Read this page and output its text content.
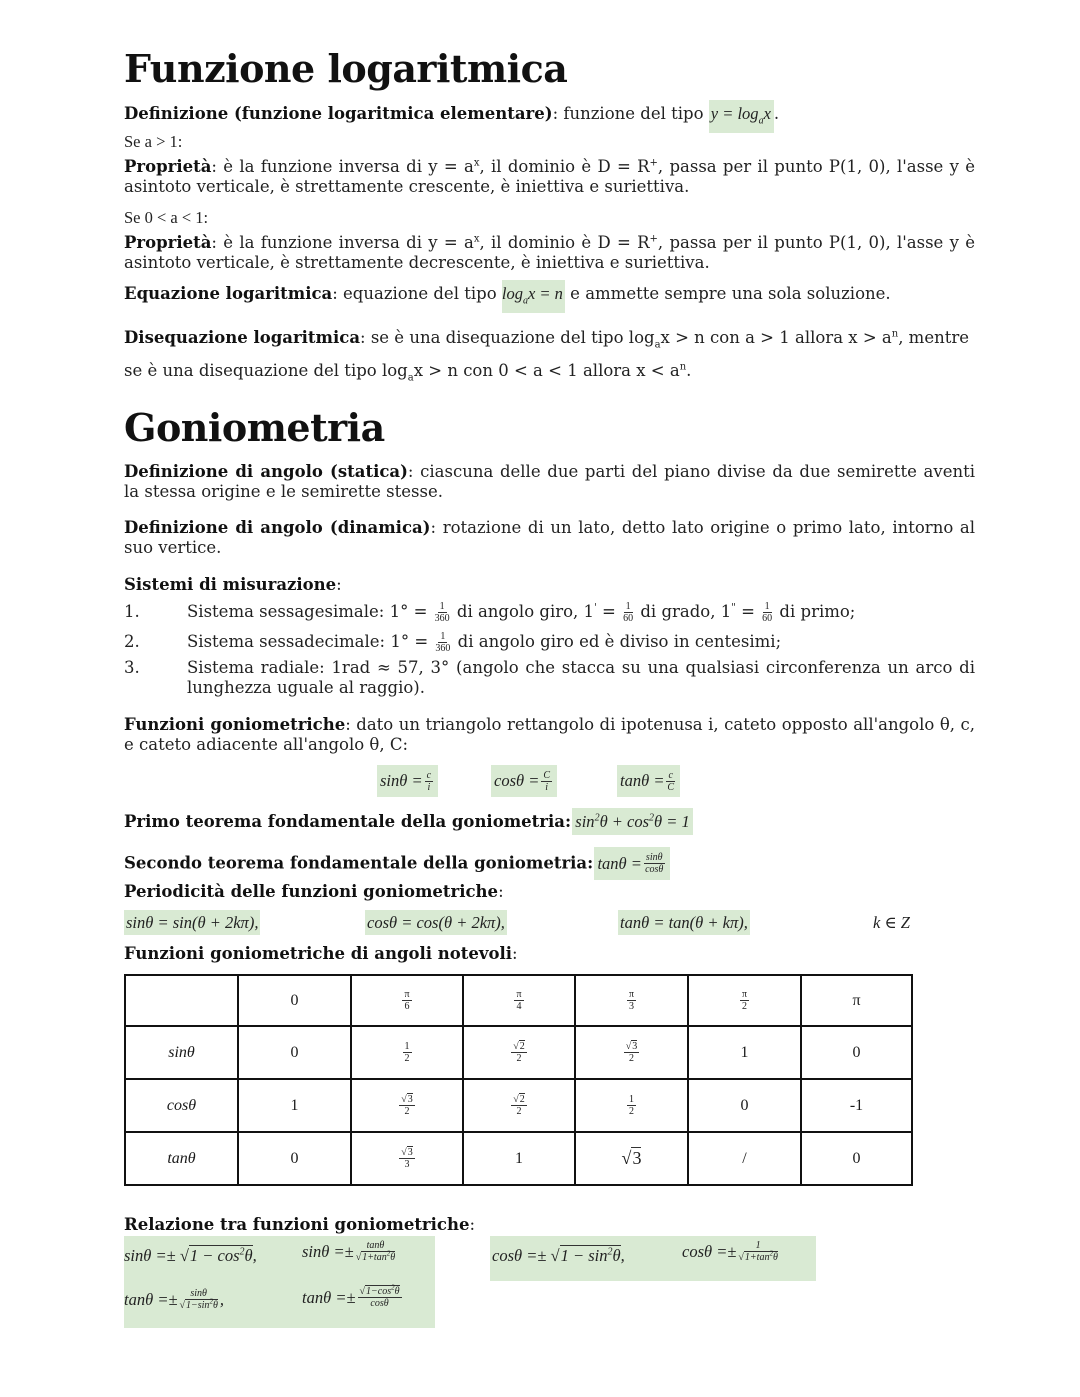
Funzione logaritmica
Definizione (funzione logaritmica elementare): funzione del tipo $y = \log_ax$ .
Se a > 1:
Proprietà: è la funzione inversa di $y = a^x$, il dominio è D = R+, passa per il punto P(1, 0), l'asse y è asintoto verticale, è strettamente crescente, è iniettiva e suriettiva.
Se 0 < a < 1:
Proprietà: è la funzione inversa di $y = a^x$, il dominio è D = R+, passa per il punto P(1, 0), l'asse y è asintoto verticale, è strettamente decrescente, è iniettiva e suriettiva.
Equazione logaritmica: equazione del tipo $\log_ax = n$ e ammette sempre una sola soluzione.
Disequazione logaritmica: se è una disequazione del tipo $\log_ax > n$ con a > 1 allora $x > a^n$, mentre
se è una disequazione del tipo $\log_ax > n$ con 0 < a < 1 allora $x < a^n$.
Goniometria
Definizione di angolo (statica): ciascuna delle due parti del piano divise da due semirette aventi la stessa origine e le semirette stesse.
Definizione di angolo (dinamica): rotazione di un lato, detto lato origine o primo lato, intorno al suo vertice.
Sistemi di misurazione:
1.	Sistema sessagesimale: $1^\circ = \frac{1}{360}$ di angolo giro, $1' = \frac{1}{60}$ di grado, $1^" = \frac{1}{60}$ di primo;
2.	Sistema sessadecimale: $1^\circ = \frac{1}{360}$ di angolo giro ed è diviso in centesimi;
3.	Sistema radiale: 1rad ≈ 57, 3° (angolo che stacca su una qualsiasi circonferenza un arco di lunghezza uguale al raggio).
Funzioni goniometriche: dato un triangolo rettangolo di ipotenusa i, cateto opposto all'angolo θ, c, e cateto adiacente all'angolo θ, C:
$\sin\theta = \frac{c}{i}$	$\cos\theta = \frac{C}{i}$	$\tan\theta = \frac{c}{C}$
Primo teorema fondamentale della goniometria: $\sin^2\theta + \cos^2\theta = 1$
Secondo teorema fondamentale della goniometria: $\tan\theta = \frac{\sin\theta}{\cos\theta}$
Periodicità delle funzioni goniometriche:
sinθ = sin(θ + 2kπ),	cosθ = cos(θ + 2kπ),	tanθ = tan(θ + kπ),	k ∈ Z
Funzioni goniometriche di angoli notevoli:
	0	$\frac{\pi}{6}$	$\frac{\pi}{4}$	$\frac{\pi}{3}$	$\frac{\pi}{2}$	π
sinθ	0	$\frac{1}{2}$	$\frac{√2}{2}$	$\frac{√3}{2}$	1	0
cosθ	1	$\frac{√3}{2}$	$\frac{√2}{2}$	$\frac{1}{2}$	0	-1
tanθ	0	$\frac{√3}{3}$	1	√3	/	0
Relazione tra funzioni goniometriche:
$\sin\theta =\pm √1 - \cos^2\theta$,	$\sin\theta =\pm \frac{\tan\theta}{√1+\tan^2\theta}$	$\cos\theta =\pm √1 - \sin^2\theta$,	$\cos\theta =\pm \frac{1}{√1+\tan^2\theta}$
$\tan\theta =\pm \frac{\sin\theta}{√1-\sin^2\theta}$ ,	$\tan\theta =\pm \frac{√1-\cos^2\theta}{\cos\theta}$
